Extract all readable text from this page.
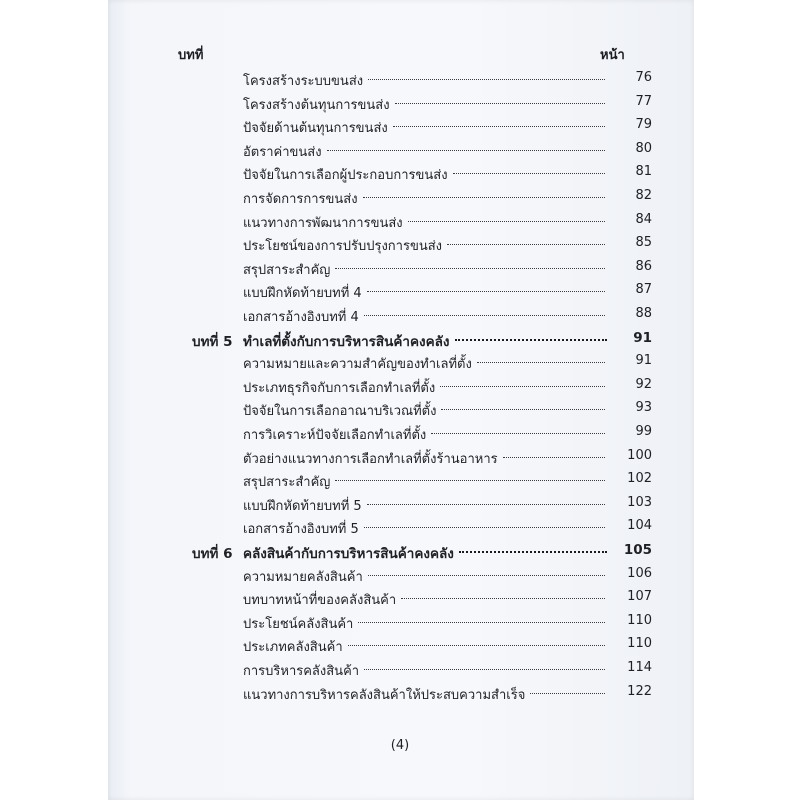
บทที่	หน้า
โครงสร้างระบบขนส่ง	76
โครงสร้างต้นทุนการขนส่ง	77
ปัจจัยด้านต้นทุนการขนส่ง	79
อัตราค่าขนส่ง	80
ปัจจัยในการเลือกผู้ประกอบการขนส่ง	81
การจัดการการขนส่ง	82
แนวทางการพัฒนาการขนส่ง	84
ประโยชน์ของการปรับปรุงการขนส่ง	85
สรุปสาระสำคัญ	86
แบบฝึกหัดท้ายบทที่ 4	87
เอกสารอ้างอิงบทที่ 4	88
บทที่ 5 ทำเลที่ตั้งกับการบริหารสินค้าคงคลัง	91
ความหมายและความสำคัญของทำเลที่ตั้ง	91
ประเภทธุรกิจกับการเลือกทำเลที่ตั้ง	92
ปัจจัยในการเลือกอาณาบริเวณที่ตั้ง	93
การวิเคราะห์ปัจจัยเลือกทำเลที่ตั้ง	99
ตัวอย่างแนวทางการเลือกทำเลที่ตั้งร้านอาหาร	100
สรุปสาระสำคัญ	102
แบบฝึกหัดท้ายบทที่ 5	103
เอกสารอ้างอิงบทที่ 5	104
บทที่ 6 คลังสินค้ากับการบริหารสินค้าคงคลัง	105
ความหมายคลังสินค้า	106
บทบาทหน้าที่ของคลังสินค้า	107
ประโยชน์คลังสินค้า	110
ประเภทคลังสินค้า	110
การบริหารคลังสินค้า	114
แนวทางการบริหารคลังสินค้าให้ประสบความสำเร็จ	122
(4)
